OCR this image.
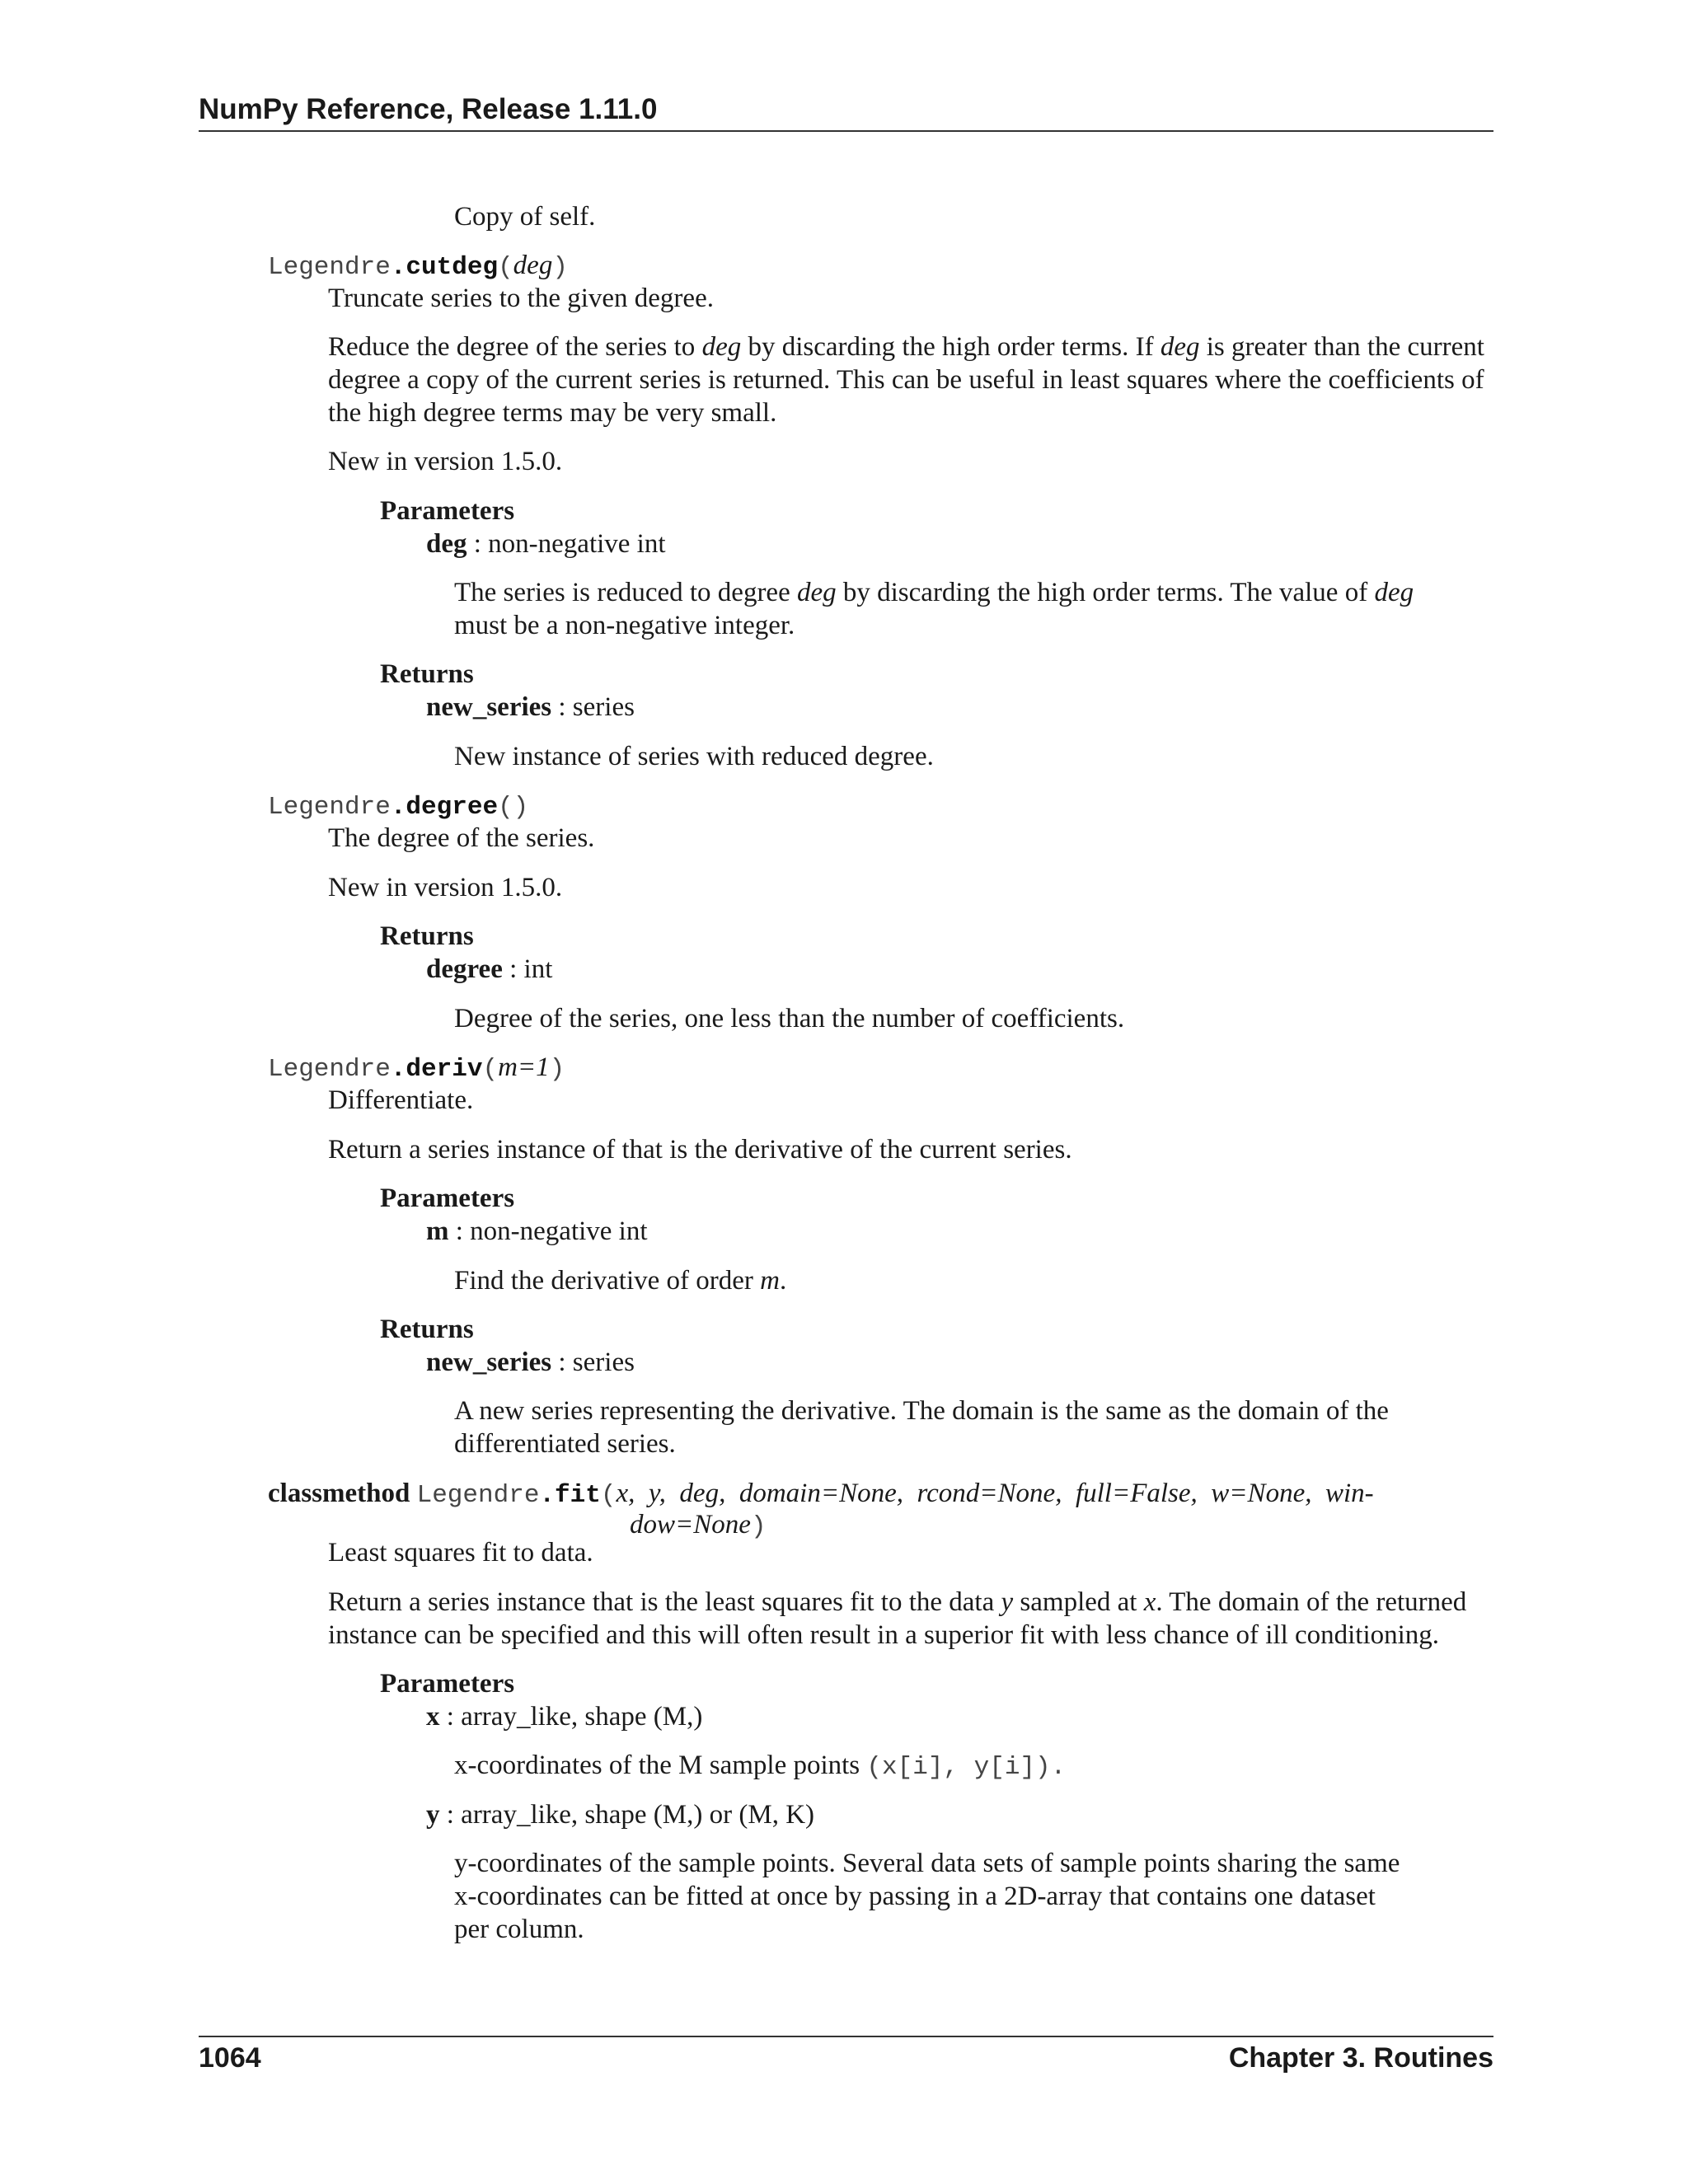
NumPy Reference, Release 1.11.0
Copy of self.
Legendre.cutdeg(deg)
Truncate series to the given degree.
Reduce the degree of the series to deg by discarding the high order terms. If deg is greater than the current
degree a copy of the current series is returned. This can be useful in least squares where the coefficients of
the high degree terms may be very small.
New in version 1.5.0.
Parameters
deg : non-negative int
The series is reduced to degree deg by discarding the high order terms. The value of deg
must be a non-negative integer.
Returns
new_series : series
New instance of series with reduced degree.
Legendre.degree()
The degree of the series.
New in version 1.5.0.
Returns
degree : int
Degree of the series, one less than the number of coefficients.
Legendre.deriv(m=1)
Differentiate.
Return a series instance of that is the derivative of the current series.
Parameters
m : non-negative int
Find the derivative of order m.
Returns
new_series : series
A new series representing the derivative. The domain is the same as the domain of the
differentiated series.
classmethod Legendre.fit(x,  y,  deg,  domain=None,  rcond=None,  full=False,  w=None,  win-
dow=None)
Least squares fit to data.
Return a series instance that is the least squares fit to the data y sampled at x. The domain of the returned
instance can be specified and this will often result in a superior fit with less chance of ill conditioning.
Parameters
x : array_like, shape (M,)
x-coordinates of the M sample points (x[i], y[i]).
y : array_like, shape (M,) or (M, K)
y-coordinates of the sample points. Several data sets of sample points sharing the same
x-coordinates can be fitted at once by passing in a 2D-array that contains one dataset
per column.
1064	Chapter 3. Routines
